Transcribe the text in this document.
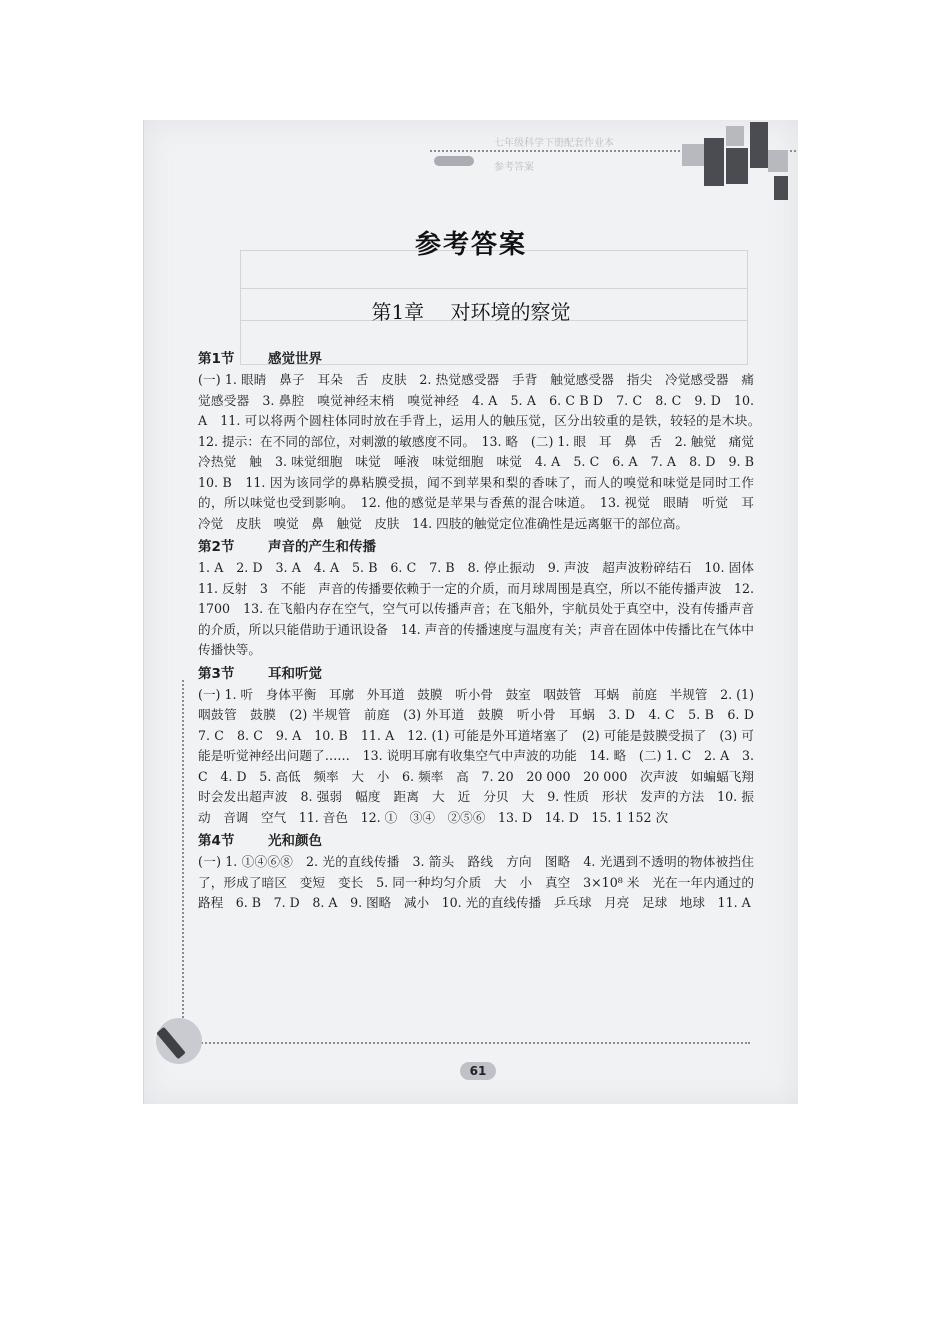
七年级科学下册配套作业本
参考答案
参考答案
第1章 对环境的察觉
第1节 感觉世界
(一) 1. 眼睛　鼻子　耳朵　舌　皮肤　2. 热觉感受器　手背　触觉感受器　指尖　冷觉感受器　痛觉感受器　3. 鼻腔　嗅觉神经末梢　嗅觉神经　4. A　5. A　6. C B D　7. C　8. C　9. D　10. A　11. 可以将两个圆柱体同时放在手背上，运用人的触压觉，区分出较重的是铁，较轻的是木块。　12. 提示：在不同的部位，对刺激的敏感度不同。　13. 略　(二) 1. 眼　耳　鼻　舌　2. 触觉　痛觉　冷热觉　触　3. 味觉细胞　味觉　唾液　味觉细胞　味觉　4. A　5. C　6. A　7. A　8. D　9. B　10. B　11. 因为该同学的鼻粘膜受损，闻不到苹果和梨的香味了，而人的嗅觉和味觉是同时工作的，所以味觉也受到影响。　12. 他的感觉是苹果与香蕉的混合味道。　13. 视觉　眼睛　听觉　耳　冷觉　皮肤　嗅觉　鼻　触觉　皮肤　14. 四肢的触觉定位准确性是远离躯干的部位高。
第2节 声音的产生和传播
1. A　2. D　3. A　4. A　5. B　6. C　7. B　8. 停止振动　9. 声波　超声波粉碎结石　10. 固体　11. 反射　3　不能　声音的传播要依赖于一定的介质，而月球周围是真空，所以不能传播声波　12. 1700　13. 在飞船内存在空气，空气可以传播声音；在飞船外，宇航员处于真空中，没有传播声音的介质，所以只能借助于通讯设备　14. 声音的传播速度与温度有关；声音在固体中传播比在气体中传播快等。
第3节 耳和听觉
(一) 1. 听　身体平衡　耳廓　外耳道　鼓膜　听小骨　鼓室　咽鼓管　耳蜗　前庭　半规管　2. (1) 咽鼓管　鼓膜　(2) 半规管　前庭　(3) 外耳道　鼓膜　听小骨　耳蜗　3. D　4. C　5. B　6. D　7. C　8. C　9. A　10. B　11. A　12. (1) 可能是外耳道堵塞了　(2) 可能是鼓膜受损了　(3) 可能是听觉神经出问题了……　13. 说明耳廓有收集空气中声波的功能　14. 略　(二) 1. C　2. A　3. C　4. D　5. 高低　频率　大　小　6. 频率　高　7. 20　20 000　20 000　次声波　如蝙蝠飞翔时会发出超声波　8. 强弱　幅度　距离　大　近　分贝　大　9. 性质　形状　发声的方法　10. 振动　音调　空气　11. 音色　12. ①　③④　②⑤⑥　13. D　14. D　15. 1 152 次
第4节 光和颜色
(一) 1. ①④⑥⑧　2. 光的直线传播　3. 箭头　路线　方向　图略　4. 光遇到不透明的物体被挡住了，形成了暗区　变短　变长　5. 同一种均匀介质　大　小　真空　3×10⁸ 米　光在一年内通过的路程　6. B　7. D　8. A　9. 图略　减小　10. 光的直线传播　乒乓球　月亮　足球　地球　11. A
61
